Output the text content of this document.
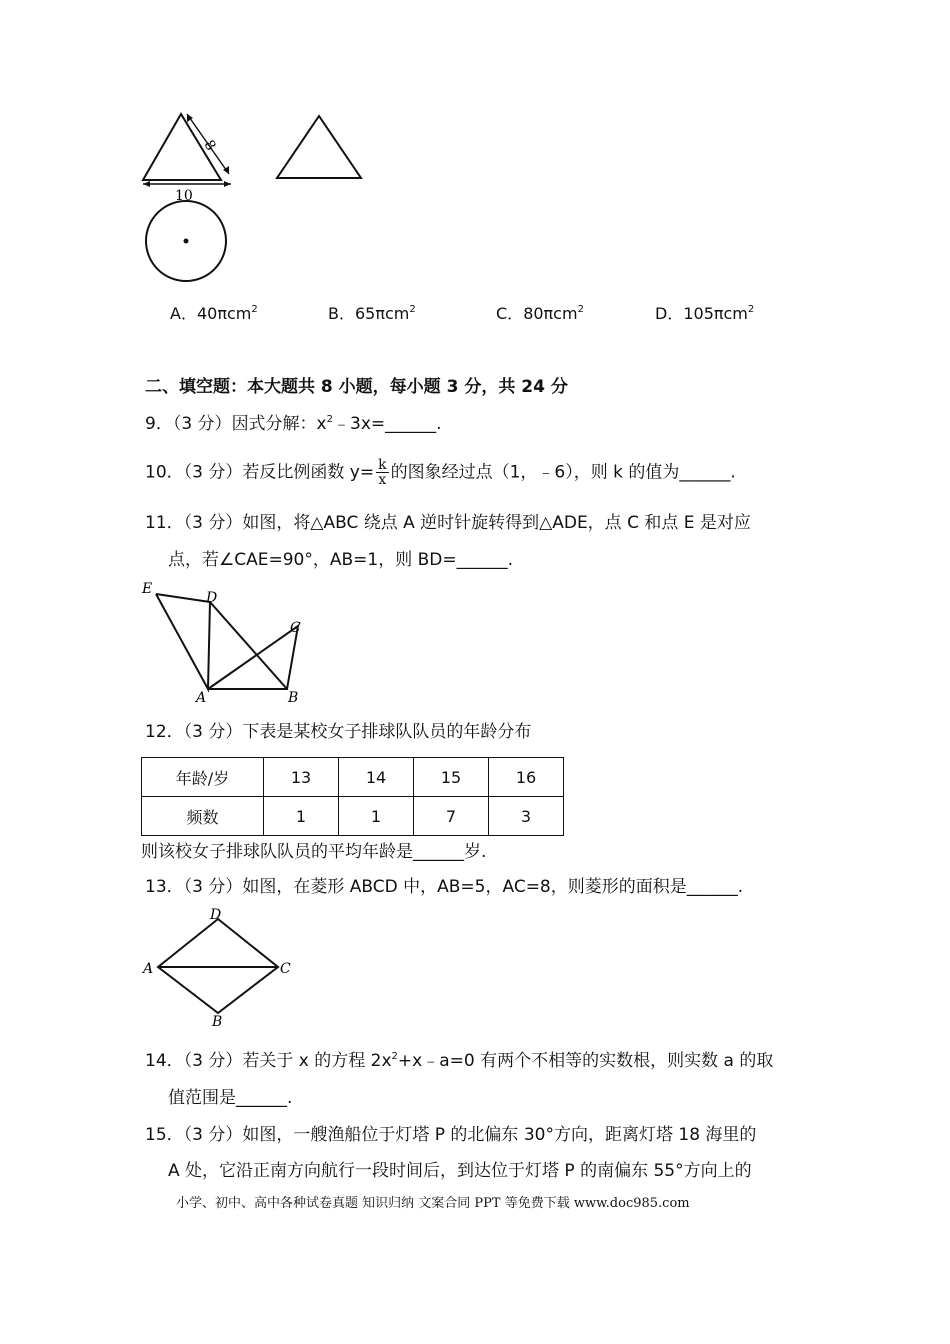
8
10
A．40πcm$^2$	B．65πcm$^2$	C．80πcm$^2$	D．105πcm$^2$
二、填空题：本大题共 8 小题，每小题 3 分，共 24 分
9．（3 分）因式分解：$x^2﹣3x=\_\_\_\_\_\_$.
10．（3 分）若反比例函数 $y= \frac{k}{x}$ 的图象经过点（1，﹣6），则 k 的值为______.
11．（3 分）如图，将△ABC 绕点 A 逆时针旋转得到△ADE，点 C 和点 E 是对应
点，若∠CAE=90°，AB=1，则 BD=______.
E
D
C
A	B
12．（3 分）下表是某校女子排球队队员的年龄分布
年龄/岁	13	14	15	16
频数	1	1	7	3
则该校女子排球队队员的平均年龄是______岁.
13．（3 分）如图，在菱形 ABCD 中，AB=5，AC=8，则菱形的面积是______.
D
A	C
B
14．（3 分）若关于 x 的方程 $2x^2+x﹣a=0$ 有两个不相等的实数根，则实数 a 的取
值范围是______.
15．（3 分）如图，一艘渔船位于灯塔 P 的北偏东 30°方向，距离灯塔 18 海里的
A 处，它沿正南方向航行一段时间后，到达位于灯塔 P 的南偏东 55°方向上的
小学、初中、高中各种试卷真题 知识归纳 文案合同 PPT 等免费下载 www.doc985.com
